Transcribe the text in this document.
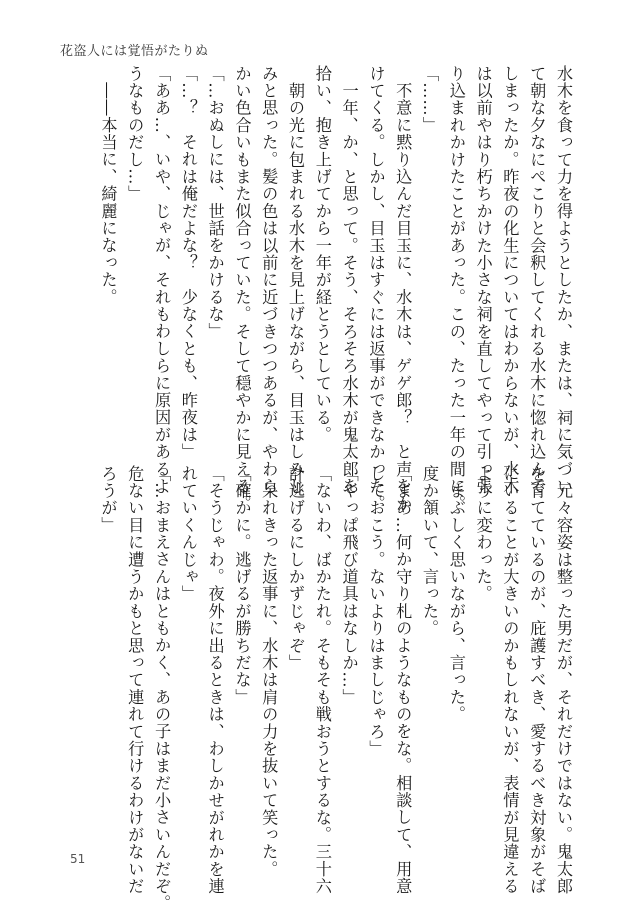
花盗人には覚悟がたりぬ

水木を食って力を得ようとしたか、または、祠に気づい

て朝な夕なにぺこりと会釈してくれる水木に惚れ込んで

しまったか。昨夜の化生についてはわからないが、水木

は以前やはり朽ちかけた小さな祠を直してやって引っ張

り込まれかけたことがあった。この、たった一年の間に。

「……」

　不意に黙り込んだ目玉に、水木は、ゲゲ郎？　と声をか

けてくる。しかし、目玉はすぐには返事ができなかった。

　一年、か、と思って。そう、そろそろ水木が鬼太郎を

拾い、抱き上げてから一年が経とうとしている。

　朝の光に包まれる水木を見上げながら、目玉はしみじ

みと思った。髪の色は以前に近づきつつあるが、やわら

かい色合いもまた似合っていた。そして穏やかに見える。

「…おぬしには、世話をかけるな」

「…？　それは俺だよな？　少なくとも、昨夜は」

「ああ…、いや、じゃが、それもわしらに原因があるよ

うなものだし…」

　――本当に、綺麗になった。

　元々容姿は整った男だが、それだけではない。鬼太郎

を育てているのが、庇護すべき、愛するべき対象がそば

にいることが大きいのかもしれないが、表情が見違える

ように変わった。

　まぶしく思いながら、言った。

度か頷いて、言った。

「まあ…何か守り札のようなものをな。相談して、用意

しておこう。ないよりはましじゃろ」

「やっぱ飛び道具はなしか…」

「ないわ、ばかたれ。そもそも戦おうとするな。三十六

計逃げるにしかずじゃぞ」

　呆れきった返事に、水木は肩の力を抜いて笑った。

「確かに。逃げるが勝ちだな」

「そうじゃわ。夜外に出るときは、わしかせがれかを連

れていくんじゃ」

「…おまえさんはともかく、あの子はまだ小さいんだぞ。

危ない目に遭うかもと思って連れて行けるわけがないだ

ろうが」

51
